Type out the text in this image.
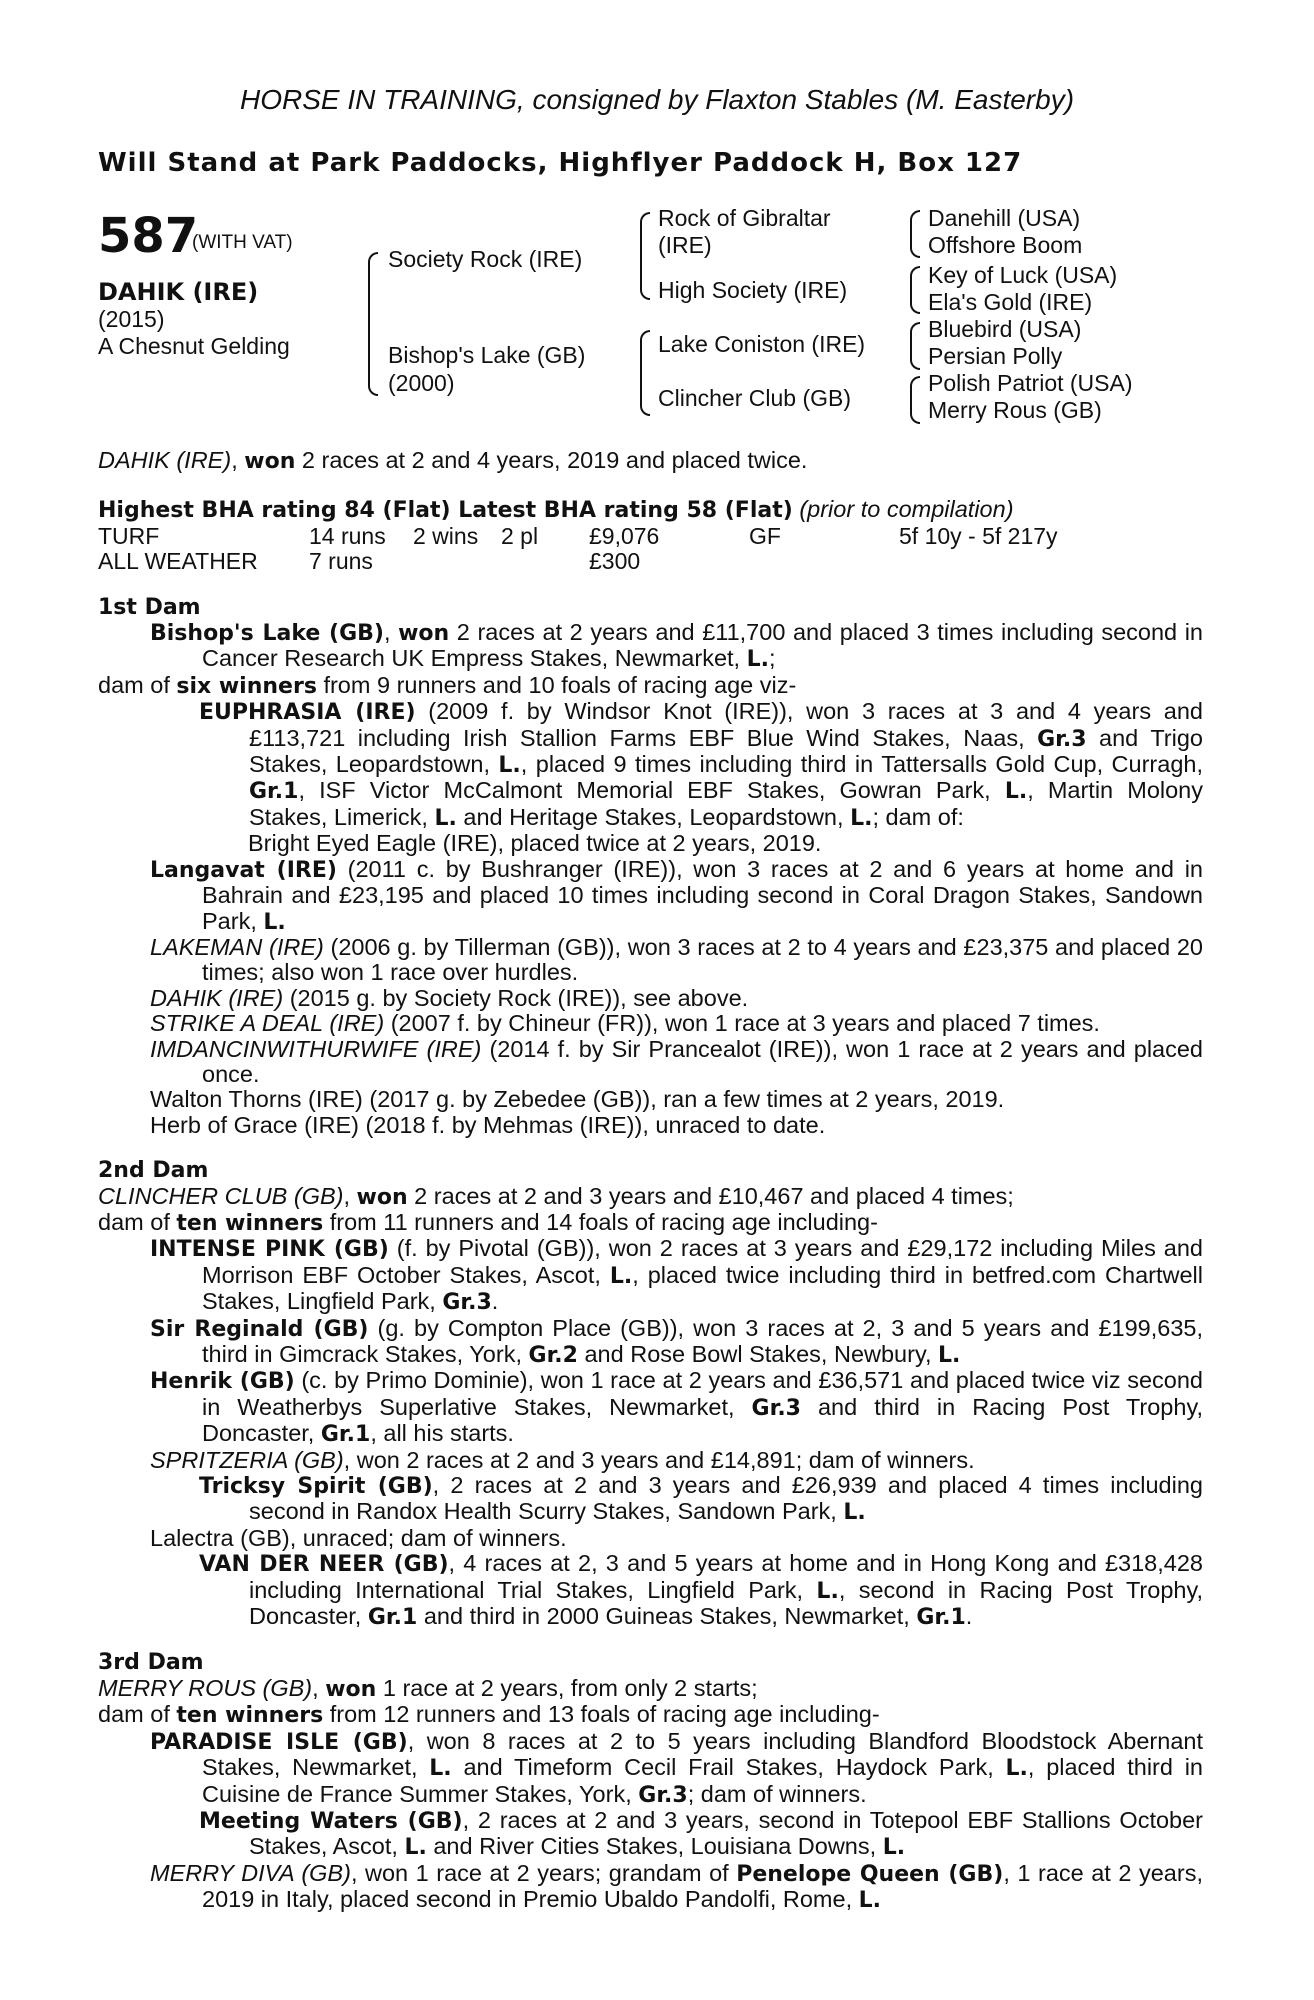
HORSE IN TRAINING, consigned by Flaxton Stables (M. Easterby)
Will Stand at Park Paddocks, Highflyer Paddock H, Box 127
587
(WITH VAT)
DAHIK (IRE)
(2015)
A Chesnut Gelding
Society Rock (IRE)
Bishop's Lake (GB)
(2000)
Rock of Gibraltar
(IRE)
High Society (IRE)
Lake Coniston (IRE)
Clincher Club (GB)
Danehill (USA)
Offshore Boom
Key of Luck (USA)
Ela's Gold (IRE)
Bluebird (USA)
Persian Polly
Polish Patriot (USA)
Merry Rous (GB)

DAHIK (IRE), won 2 races at 2 and 4 years, 2019 and placed twice.

Highest BHA rating 84 (Flat) Latest BHA rating 58 (Flat) (prior to compilation)

TURF	14 runs	2 wins	2 pl	£9,076	GF	5f 10y - 5f 217y
ALL WEATHER	7 runs			£300		

1st Dam

Bishop's Lake (GB), won 2 races at 2 years and £11,700 and placed 3 times including second in Cancer Research UK Empress Stakes, Newmarket, L.;

dam of six winners from 9 runners and 10 foals of racing age viz-

EUPHRASIA (IRE) (2009 f. by Windsor Knot (IRE)), won 3 races at 3 and 4 years and £113,721 including Irish Stallion Farms EBF Blue Wind Stakes, Naas, Gr.3 and Trigo Stakes, Leopardstown, L., placed 9 times including third in Tattersalls Gold Cup, Curragh, Gr.1, ISF Victor McCalmont Memorial EBF Stakes, Gowran Park, L., Martin Molony Stakes, Limerick, L. and Heritage Stakes, Leopardstown, L.; dam of:

Bright Eyed Eagle (IRE), placed twice at 2 years, 2019.

Langavat (IRE) (2011 c. by Bushranger (IRE)), won 3 races at 2 and 6 years at home and in Bahrain and £23,195 and placed 10 times including second in Coral Dragon Stakes, Sandown Park, L.

LAKEMAN (IRE) (2006 g. by Tillerman (GB)), won 3 races at 2 to 4 years and £23,375 and placed 20 times; also won 1 race over hurdles.

DAHIK (IRE) (2015 g. by Society Rock (IRE)), see above.

STRIKE A DEAL (IRE) (2007 f. by Chineur (FR)), won 1 race at 3 years and placed 7 times.

IMDANCINWITHURWIFE (IRE) (2014 f. by Sir Prancealot (IRE)), won 1 race at 2 years and placed once.

Walton Thorns (IRE) (2017 g. by Zebedee (GB)), ran a few times at 2 years, 2019.

Herb of Grace (IRE) (2018 f. by Mehmas (IRE)), unraced to date.

2nd Dam

CLINCHER CLUB (GB), won 2 races at 2 and 3 years and £10,467 and placed 4 times;

dam of ten winners from 11 runners and 14 foals of racing age including-

INTENSE PINK (GB) (f. by Pivotal (GB)), won 2 races at 3 years and £29,172 including Miles and Morrison EBF October Stakes, Ascot, L., placed twice including third in betfred.com Chartwell Stakes, Lingfield Park, Gr.3.

Sir Reginald (GB) (g. by Compton Place (GB)), won 3 races at 2, 3 and 5 years and £199,635, third in Gimcrack Stakes, York, Gr.2 and Rose Bowl Stakes, Newbury, L.

Henrik (GB) (c. by Primo Dominie), won 1 race at 2 years and £36,571 and placed twice viz second in Weatherbys Superlative Stakes, Newmarket, Gr.3 and third in Racing Post Trophy, Doncaster, Gr.1, all his starts.

SPRITZERIA (GB), won 2 races at 2 and 3 years and £14,891; dam of winners.

Tricksy Spirit (GB), 2 races at 2 and 3 years and £26,939 and placed 4 times including second in Randox Health Scurry Stakes, Sandown Park, L.

Lalectra (GB), unraced; dam of winners.

VAN DER NEER (GB), 4 races at 2, 3 and 5 years at home and in Hong Kong and £318,428 including International Trial Stakes, Lingfield Park, L., second in Racing Post Trophy, Doncaster, Gr.1 and third in 2000 Guineas Stakes, Newmarket, Gr.1.

3rd Dam

MERRY ROUS (GB), won 1 race at 2 years, from only 2 starts;

dam of ten winners from 12 runners and 13 foals of racing age including-

PARADISE ISLE (GB), won 8 races at 2 to 5 years including Blandford Bloodstock Abernant Stakes, Newmarket, L. and Timeform Cecil Frail Stakes, Haydock Park, L., placed third in Cuisine de France Summer Stakes, York, Gr.3; dam of winners.

Meeting Waters (GB), 2 races at 2 and 3 years, second in Totepool EBF Stallions October Stakes, Ascot, L. and River Cities Stakes, Louisiana Downs, L.

MERRY DIVA (GB), won 1 race at 2 years; grandam of Penelope Queen (GB), 1 race at 2 years, 2019 in Italy, placed second in Premio Ubaldo Pandolfi, Rome, L.
